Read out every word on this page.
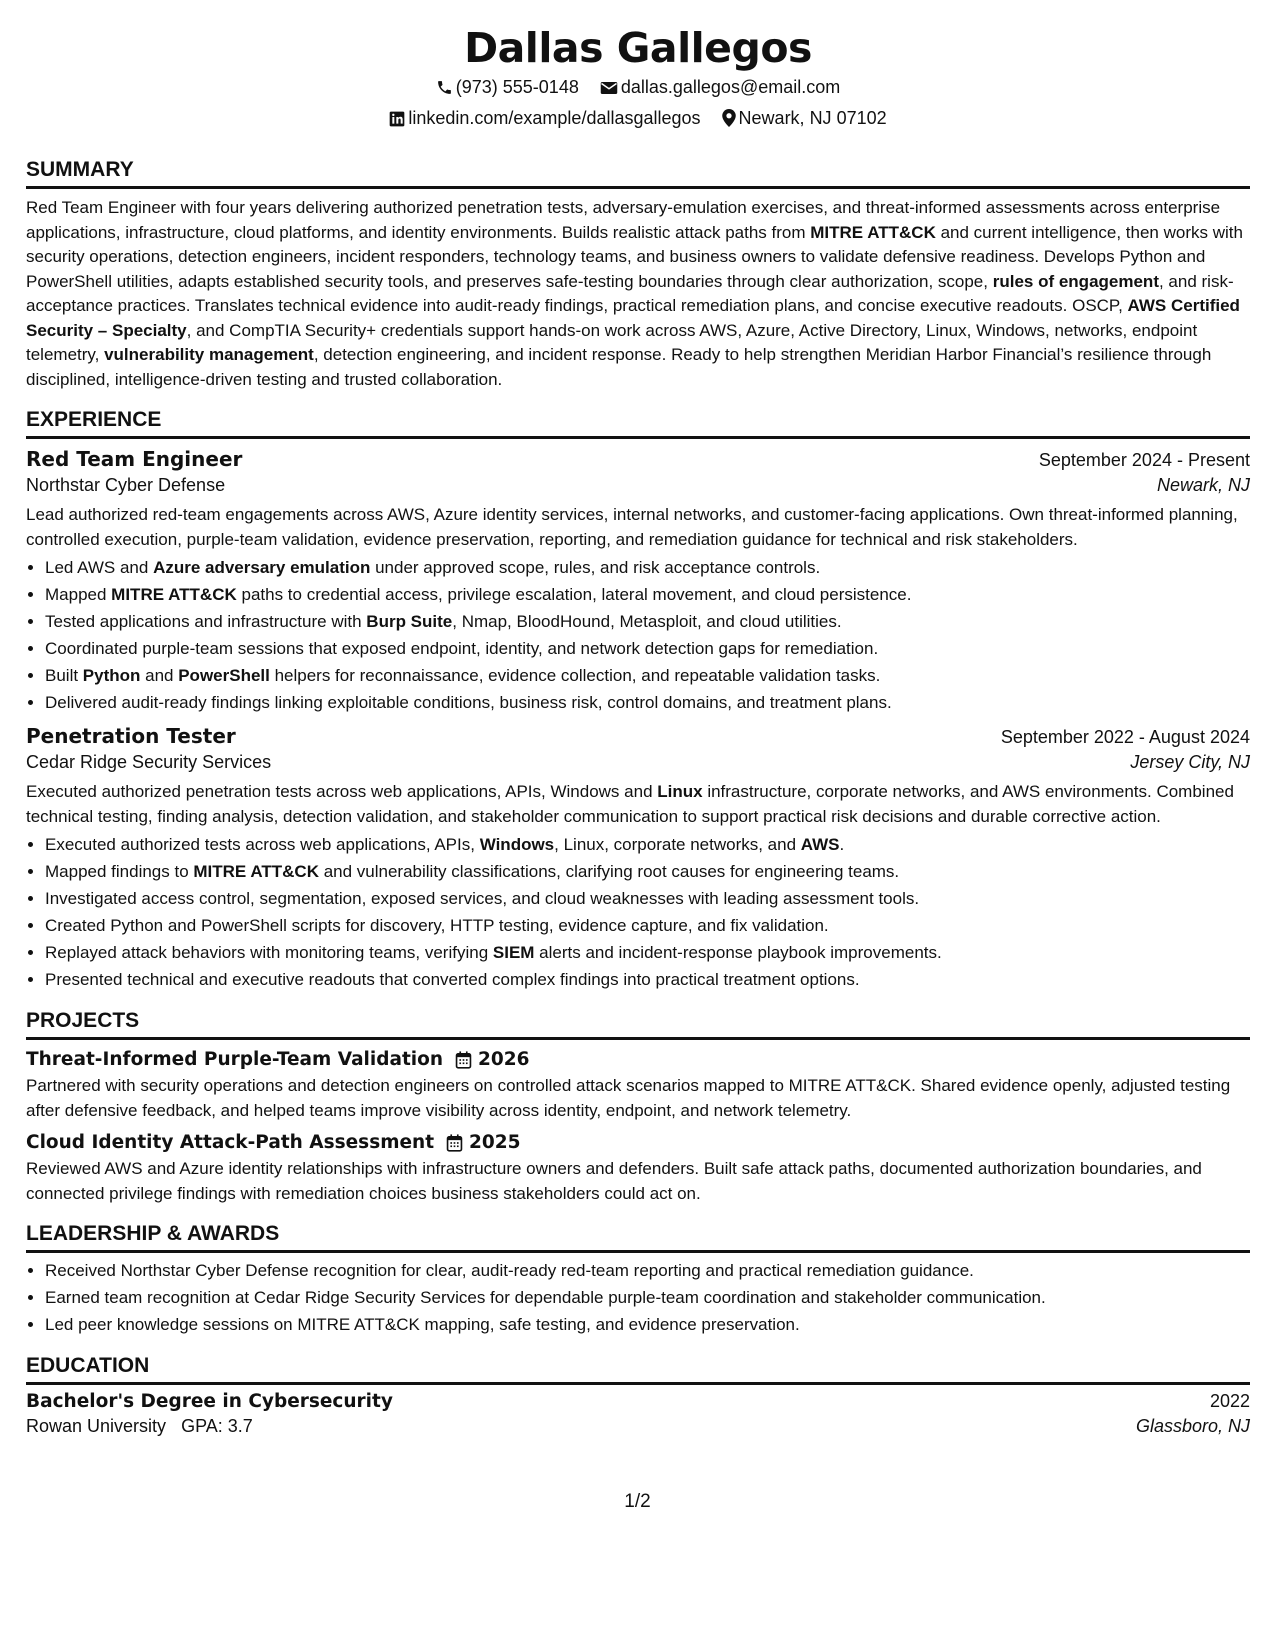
Dallas Gallegos
(973) 555-0148 dallas.gallegos@email.com
linkedin.com/example/dallasgallegos Newark, NJ 07102
SUMMARY
Red Team Engineer with four years delivering authorized penetration tests, adversary-emulation exercises, and threat-informed assessments across enterprise applications, infrastructure, cloud platforms, and identity environments. Builds realistic attack paths from MITRE ATT&CK and current intelligence, then works with security operations, detection engineers, incident responders, technology teams, and business owners to validate defensive readiness. Develops Python and PowerShell utilities, adapts established security tools, and preserves safe-testing boundaries through clear authorization, scope, rules of engagement, and risk-acceptance practices. Translates technical evidence into audit-ready findings, practical remediation plans, and concise executive readouts. OSCP, AWS Certified Security – Specialty, and CompTIA Security+ credentials support hands-on work across AWS, Azure, Active Directory, Linux, Windows, networks, endpoint telemetry, vulnerability management, detection engineering, and incident response. Ready to help strengthen Meridian Harbor Financial’s resilience through disciplined, intelligence-driven testing and trusted collaboration.
EXPERIENCE
Red Team Engineer	September 2024 - Present
Northstar Cyber Defense	Newark, NJ
Lead authorized red-team engagements across AWS, Azure identity services, internal networks, and customer-facing applications. Own threat-informed planning, controlled execution, purple-team validation, evidence preservation, reporting, and remediation guidance for technical and risk stakeholders.
• Led AWS and Azure adversary emulation under approved scope, rules, and risk acceptance controls.
• Mapped MITRE ATT&CK paths to credential access, privilege escalation, lateral movement, and cloud persistence.
• Tested applications and infrastructure with Burp Suite, Nmap, BloodHound, Metasploit, and cloud utilities.
• Coordinated purple-team sessions that exposed endpoint, identity, and network detection gaps for remediation.
• Built Python and PowerShell helpers for reconnaissance, evidence collection, and repeatable validation tasks.
• Delivered audit-ready findings linking exploitable conditions, business risk, control domains, and treatment plans.
Penetration Tester	September 2022 - August 2024
Cedar Ridge Security Services	Jersey City, NJ
Executed authorized penetration tests across web applications, APIs, Windows and Linux infrastructure, corporate networks, and AWS environments. Combined technical testing, finding analysis, detection validation, and stakeholder communication to support practical risk decisions and durable corrective action.
• Executed authorized tests across web applications, APIs, Windows, Linux, corporate networks, and AWS.
• Mapped findings to MITRE ATT&CK and vulnerability classifications, clarifying root causes for engineering teams.
• Investigated access control, segmentation, exposed services, and cloud weaknesses with leading assessment tools.
• Created Python and PowerShell scripts for discovery, HTTP testing, evidence capture, and fix validation.
• Replayed attack behaviors with monitoring teams, verifying SIEM alerts and incident-response playbook improvements.
• Presented technical and executive readouts that converted complex findings into practical treatment options.
PROJECTS
Threat-Informed Purple-Team Validation 2026
Partnered with security operations and detection engineers on controlled attack scenarios mapped to MITRE ATT&CK. Shared evidence openly, adjusted testing after defensive feedback, and helped teams improve visibility across identity, endpoint, and network telemetry.
Cloud Identity Attack-Path Assessment 2025
Reviewed AWS and Azure identity relationships with infrastructure owners and defenders. Built safe attack paths, documented authorization boundaries, and connected privilege findings with remediation choices business stakeholders could act on.
LEADERSHIP & AWARDS
• Received Northstar Cyber Defense recognition for clear, audit-ready red-team reporting and practical remediation guidance.
• Earned team recognition at Cedar Ridge Security Services for dependable purple-team coordination and stakeholder communication.
• Led peer knowledge sessions on MITRE ATT&CK mapping, safe testing, and evidence preservation.
EDUCATION
Bachelor's Degree in Cybersecurity	2022
Rowan University GPA: 3.7	Glassboro, NJ
1/2
